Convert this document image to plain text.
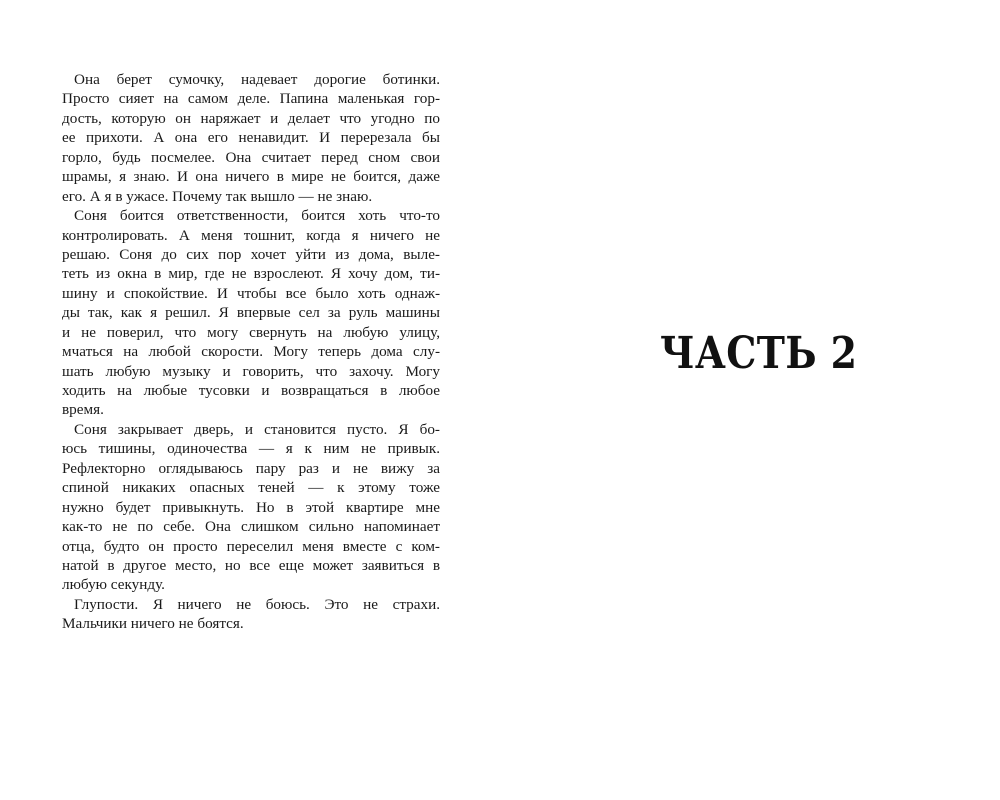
Она берет сумочку, надевает дорогие ботинки.
Просто сияет на самом деле. Папина маленькая гор-
дость, которую он наряжает и делает что угодно по
ее прихоти. А она его ненавидит. И перерезала бы
горло, будь посмелее. Она считает перед сном свои
шрамы, я знаю. И она ничего в мире не боится, даже
его. А я в ужасе. Почему так вышло — не знаю.

Соня боится ответственности, боится хоть что-то
контролировать. А меня тошнит, когда я ничего не
решаю. Соня до сих пор хочет уйти из дома, выле-
теть из окна в мир, где не взрослеют. Я хочу дом, ти-
шину и спокойствие. И чтобы все было хоть однаж-
ды так, как я решил. Я впервые сел за руль машины
и не поверил, что могу свернуть на любую улицу,
мчаться на любой скорости. Могу теперь дома слу-
шать любую музыку и говорить, что захочу. Могу
ходить на любые тусовки и возвращаться в любое
время.

Соня закрывает дверь, и становится пусто. Я бо-
юсь тишины, одиночества — я к ним не привык.
Рефлекторно оглядываюсь пару раз и не вижу за
спиной никаких опасных теней — к этому тоже
нужно будет привыкнуть. Но в этой квартире мне
как-то не по себе. Она слишком сильно напоминает
отца, будто он просто переселил меня вместе с ком-
натой в другое место, но все еще может заявиться в
любую секунду.

Глупости. Я ничего не боюсь. Это не страхи.
Мальчики ничего не боятся.

ЧАСТЬ 2
